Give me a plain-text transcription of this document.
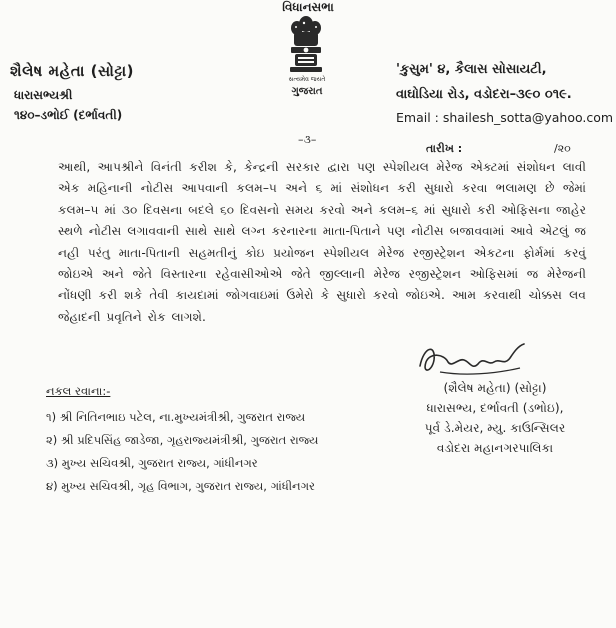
વિધાનસભા
સત્યમેવ જયતે
ગુજરાત
શૈલેષ મહેતા (સોટ્ટા)
ધારાસભ્યશ્રી
૧૪૦–ડભોઈ (દર્ભાવતી)
'કુસુમ' ૪, કૈલાસ સોસાયટી,
વાઘોડિયા રોડ, વડોદરા–૩૯૦ ૦૧૯.
Email : shailesh_sotta@yahoo.com
–૩–
તારીખ :	/૨૦
આથી, આપશ્રીને વિનંતી કરીશ કે, કેન્દ્રની સરકાર દ્વારા પણ સ્પેશીયલ મેરેજ એક્ટમાં સંશોધન લાવી એક મહિનાની નોટીસ આપવાની કલમ–૫ અને ૬ માં સંશોધન કરી સુધારો કરવા ભલામણ છે જેમાં કલમ–૫ માં ૩૦ દિવસના બદલે ૬૦ દિવસનો સમય કરવો અને કલમ–૬ માં સુધારો કરી ઓફિસના જાહેર સ્થળે નોટીસ લગાવવાની સાથે સાથે લગ્ન કરનારના માતા-પિતાને પણ નોટીસ બજાવવામાં આવે એટલું જ નહી પરંતુ માતા-પિતાની સહમતીનું કોઇ પ્રયોજન સ્પેશીયલ મેરેજ રજીસ્ટ્રેશન એકટના ફોર્મમાં કરવું જોઇએ અને જેતે વિસ્તારના રહેવાસીઓએ જેતે જીલ્લાની મેરેજ રજીસ્ટ્રેશન ઓફિસમાં જ મેરેજની નોંધણી કરી શકે તેવી કાયદામાં જોગવાઇમાં ઉમેરો કે સુધારો કરવો જોઇએ. આમ કરવાથી ચોક્કસ લવ જેહાદની પ્રવૃતિને રોક લાગશે.
નકલ રવાના:-
૧) શ્રી નિતિનભાઇ પટેલ, ના.મુખ્યમંત્રીશ્રી, ગુજરાત રાજ્ય
૨) શ્રી પ્રદિપસિંહ જાડેજા, ગૃહરાજ્યમંત્રીશ્રી, ગુજરાત રાજ્ય
૩) મુખ્ય સચિવશ્રી, ગુજરાત રાજ્ય, ગાંધીનગર
૪) મુખ્ય સચિવશ્રી, ગૃહ વિભાગ, ગુજરાત રાજ્ય, ગાંધીનગર
(શૈલેષ મહેતા) (સોટ્ટા)
ધારાસભ્ય, દર્ભાવતી (ડભોઇ),
પૂર્વ ડે.મેયર, મ્યુ. કાઉન્સિલર
વડોદરા મહાનગરપાલિકા
